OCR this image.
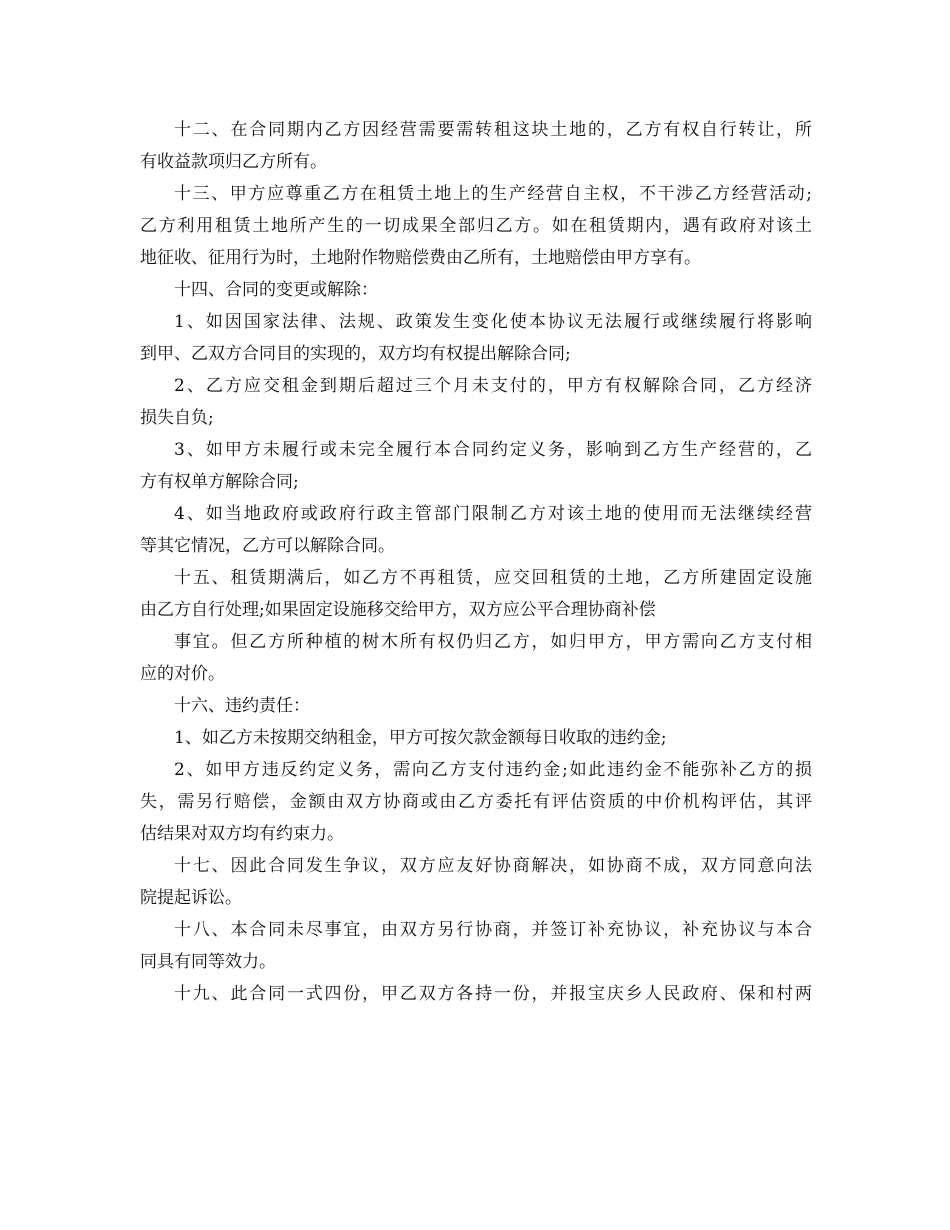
十二、在合同期内乙方因经营需要需转租这块土地的，乙方有权自行转让，所
有收益款项归乙方所有。
十三、甲方应尊重乙方在租赁土地上的生产经营自主权，不干涉乙方经营活动;
乙方利用租赁土地所产生的一切成果全部归乙方。如在租赁期内，遇有政府对该土
地征收、征用行为时，土地附作物赔偿费由乙所有，土地赔偿由甲方享有。
十四、合同的变更或解除：
1、如因国家法律、法规、政策发生变化使本协议无法履行或继续履行将影响
到甲、乙双方合同目的实现的，双方均有权提出解除合同;
2、乙方应交租金到期后超过三个月未支付的，甲方有权解除合同，乙方经济
损失自负;
3、如甲方未履行或未完全履行本合同约定义务，影响到乙方生产经营的，乙
方有权单方解除合同;
4、如当地政府或政府行政主管部门限制乙方对该土地的使用而无法继续经营
等其它情况，乙方可以解除合同。
十五、租赁期满后，如乙方不再租赁，应交回租赁的土地，乙方所建固定设施
由乙方自行处理;如果固定设施移交给甲方，双方应公平合理协商补偿
事宜。但乙方所种植的树木所有权仍归乙方，如归甲方，甲方需向乙方支付相
应的对价。
十六、违约责任：
1、如乙方未按期交纳租金，甲方可按欠款金额每日收取的违约金;
2、如甲方违反约定义务，需向乙方支付违约金;如此违约金不能弥补乙方的损
失，需另行赔偿，金额由双方协商或由乙方委托有评估资质的中价机构评估，其评
估结果对双方均有约束力。
十七、因此合同发生争议，双方应友好协商解决，如协商不成，双方同意向法
院提起诉讼。
十八、本合同未尽事宜，由双方另行协商，并签订补充协议，补充协议与本合
同具有同等效力。
十九、此合同一式四份，甲乙双方各持一份，并报宝庆乡人民政府、保和村两
